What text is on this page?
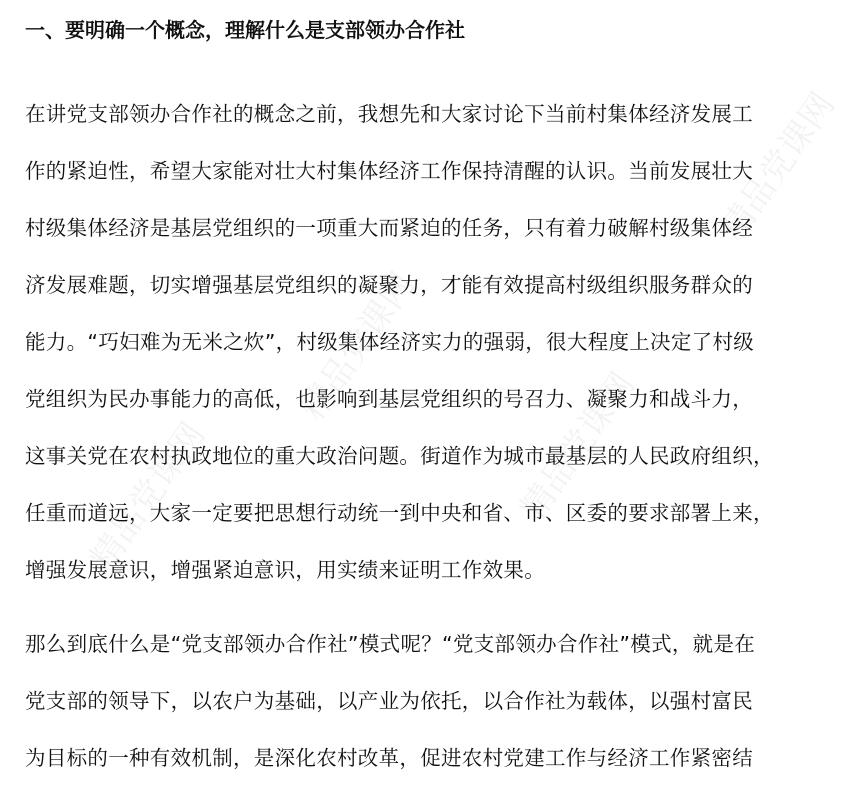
精品党课网
精品党课网	精品党课网
精品党课网
一、要明确一个概念，理解什么是支部领办合作社
在讲党支部领办合作社的概念之前，我想先和大家讨论下当前村集体经济发展工
作的紧迫性，希望大家能对壮大村集体经济工作保持清醒的认识。当前发展壮大
村级集体经济是基层党组织的一项重大而紧迫的任务，只有着力破解村级集体经
济发展难题，切实增强基层党组织的凝聚力，才能有效提高村级组织服务群众的
能力。“巧妇难为无米之炊”，村级集体经济实力的强弱，很大程度上决定了村级
党组织为民办事能力的高低，也影响到基层党组织的号召力、凝聚力和战斗力，
这事关党在农村执政地位的重大政治问题。街道作为城市最基层的人民政府组织，
任重而道远，大家一定要把思想行动统一到中央和省、市、区委的要求部署上来，
增强发展意识，增强紧迫意识，用实绩来证明工作效果。
那么到底什么是“党支部领办合作社”模式呢？“党支部领办合作社”模式，就是在
党支部的领导下，以农户为基础，以产业为依托，以合作社为载体，以强村富民
为目标的一种有效机制，是深化农村改革，促进农村党建工作与经济工作紧密结
